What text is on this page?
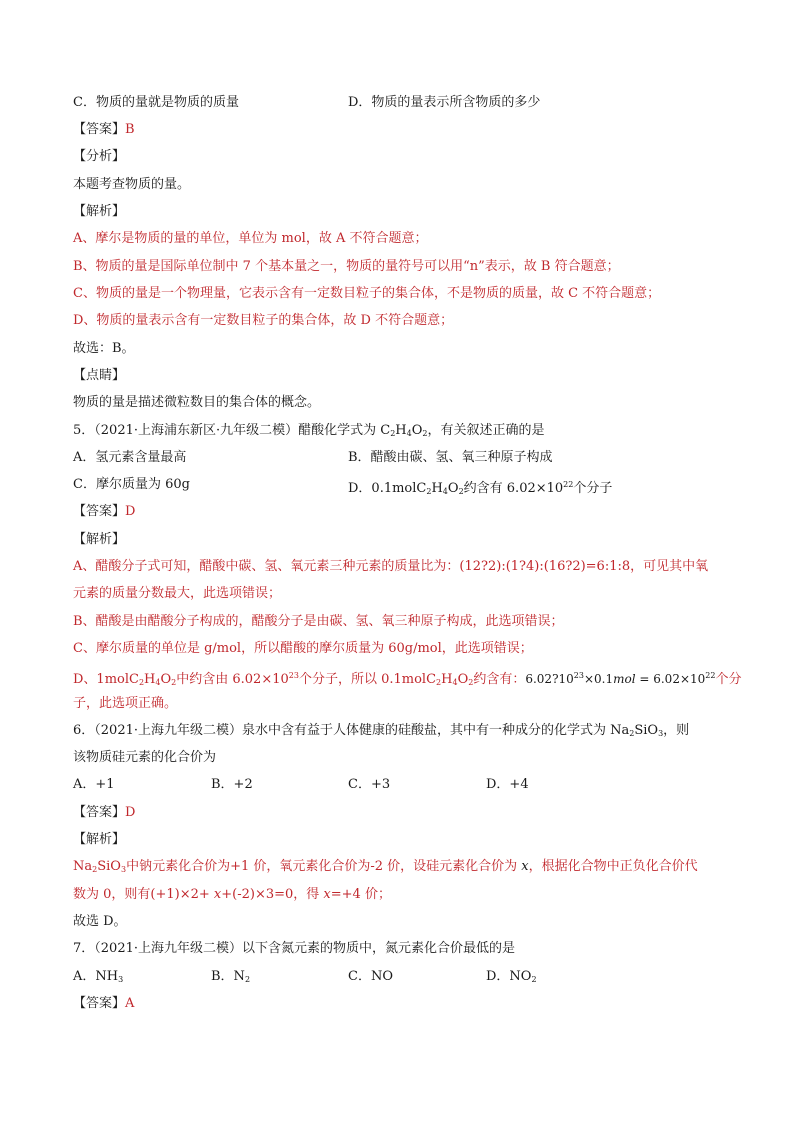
C．物质的量就是物质的质量	D．物质的量表示所含物质的多少
【答案】B
【分析】
本题考查物质的量。
【解析】
A、摩尔是物质的量的单位，单位为 mol，故 A 不符合题意；
B、物质的量是国际单位制中 7 个基本量之一，物质的量符号可以用“n”表示，故 B 符合题意；
C、物质的量是一个物理量，它表示含有一定数目粒子的集合体，不是物质的质量，故 C 不符合题意；
D、物质的量表示含有一定数目粒子的集合体，故 D 不符合题意；
故选：B。
【点睛】
物质的量是描述微粒数目的集合体的概念。
5．（2021·上海浦东新区·九年级二模）醋酸化学式为 $C_2H_4O_2$，有关叙述正确的是
A．氢元素含量最高	B．醋酸由碳、氢、氧三种原子构成
C．摩尔质量为 60g	D．$0.1molC_2H_4O_2$约含有 $6.02\times 10^{22}$个分子
【答案】D
【解析】
A、醋酸分子式可知，醋酸中碳、氢、氧元素三种元素的质量比为：(12?2):(1?4):(16?2)=6:1:8，可见其中氧
元素的质量分数最大，此选项错误；
B、醋酸是由醋酸分子构成的，醋酸分子是由碳、氢、氧三种原子构成，此选项错误；
C、摩尔质量的单位是 g/mol，所以醋酸的摩尔质量为 60g/mol，此选项错误；
D、$1molC_2H_4O_2$中约含由 $6.02\times 10^{23}$个分子，所以 $0.1molC_2H_4O_2$约含有：$6.02?10^{23}\times 0.1mol = 6.02\times 10^{22}$个分
子，此选项正确。
6．（2021·上海九年级二模）泉水中含有益于人体健康的硅酸盐，其中有一种成分的化学式为 $Na_2SiO_3$，则
该物质硅元素的化合价为
A．+1	B．+2	C．+3	D．+4
【答案】D
【解析】
$Na_2SiO_3$中钠元素化合价为+1 价，氧元素化合价为-2 价，设硅元素化合价为 x，根据化合物中正负化合价代
数为 0，则有(+1)×2+ x+(-2)×3=0，得 x=+4 价；
故选 D。
7．（2021·上海九年级二模）以下含氮元素的物质中，氮元素化合价最低的是
A．$NH_3$	B．$N_2$	C．NO	D．$NO_2$
【答案】A
